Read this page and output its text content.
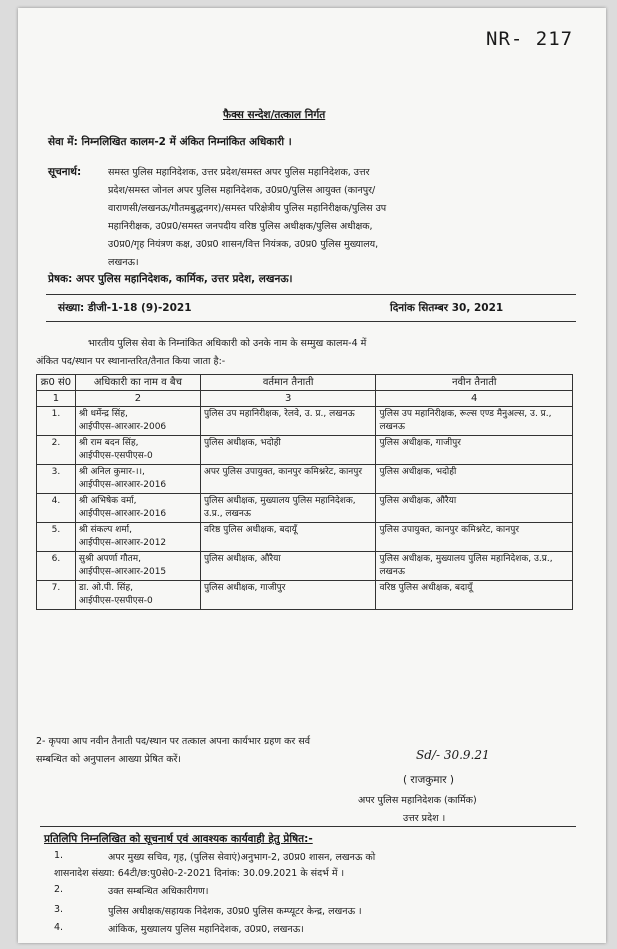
NR- 217
फैक्स सन्देश/तत्काल निर्गत
सेवा में: निम्नलिखित कालम-2 में अंकित निम्नांकित अधिकारी ।
सूचनार्थ:	समस्त पुलिस महानिदेशक, उत्तर प्रदेश/समस्त अपर पुलिस महानिदेशक, उत्तर
प्रदेश/समस्त जोनल अपर पुलिस महानिदेशक, उ0प्र0/पुलिस आयुक्त (कानपुर/
वाराणसी/लखनऊ/गौतमबुद्धनगर)/समस्त परिक्षेत्रीय पुलिस महानिरीक्षक/पुलिस उप
महानिरीक्षक, उ0प्र0/समस्त जनपदीय वरिष्ठ पुलिस अधीक्षक/पुलिस अधीक्षक,
उ0प्र0/गृह नियंत्रण कक्ष, उ0प्र0 शासन/वित्त नियंत्रक, उ0प्र0 पुलिस मुख्यालय,
लखनऊ।
प्रेषक: अपर पुलिस महानिदेशक, कार्मिक, उत्तर प्रदेश, लखनऊ।
संख्या: डीजी-1-18 (9)-2021	दिनांक सितम्बर 30, 2021
भारतीय पुलिस सेवा के निम्नांकित अधिकारी को उनके नाम के सम्मुख कालम-4 में
अंकित पद/स्थान पर स्थानान्तरित/तैनात किया जाता है:-
क्र0 सं0	अधिकारी का नाम व बैच	वर्तमान तैनाती	नवीन तैनाती
1	2	3	4
1.	श्री धर्मेन्द्र सिंह,
आईपीएस-आरआर-2006	पुलिस उप महानिरीक्षक, रेलवे, उ. प्र., लखनऊ	पुलिस उप महानिरीक्षक, रूल्स एण्ड मैनुअल्स, उ. प्र., लखनऊ
2.	श्री राम बदन सिंह,
आईपीएस-एसपीएस-0	पुलिस अधीक्षक, भदोही	पुलिस अधीक्षक, गाजीपुर
3.	श्री अनिल कुमार-।।,
आईपीएस-आरआर-2016	अपर पुलिस उपायुक्त, कानपुर कमिश्नरेट, कानपुर	पुलिस अधीक्षक, भदोही
4.	श्री अभिषेक वर्मा,
आईपीएस-आरआर-2016	पुलिस अधीक्षक, मुख्यालय पुलिस महानिदेशक, उ.प्र., लखनऊ	पुलिस अधीक्षक, औरैया
5.	श्री संकल्प शर्मा,
आईपीएस-आरआर-2012	वरिष्ठ पुलिस अधीक्षक, बदायूँ	पुलिस उपायुक्त, कानपुर कमिश्नरेट, कानपुर
6.	सुश्री अपर्णा गौतम,
आईपीएस-आरआर-2015	पुलिस अधीक्षक, औरैया	पुलिस अधीक्षक, मुख्यालय पुलिस महानिदेशक, उ.प्र., लखनऊ
7.	डा. ओ.पी. सिंह,
आईपीएस-एसपीएस-0	पुलिस अधीक्षक, गाजीपुर	वरिष्ठ पुलिस अधीक्षक, बदायूँ
2- कृपया आप नवीन तैनाती पद/स्थान पर तत्काल अपना कार्यभार ग्रहण कर सर्व
सम्बन्धित को अनुपालन आख्या प्रेषित करें।	Sd/- 30.9.21
( राजकुमार )
अपर पुलिस महानिदेशक (कार्मिक)
उत्तर प्रदेश ।
प्रतिलिपि निम्नलिखित को सूचनार्थ एवं आवश्यक कार्यवाही हेतु प्रेषित:-
1.	अपर मुख्य सचिव, गृह, (पुलिस सेवाएं)अनुभाग-2, उ0प्र0 शासन, लखनऊ को
शासनादेश संख्या: 64टी/छ:पु0से0-2-2021 दिनांक: 30.09.2021 के संदर्भ में ।
2.	उक्त सम्बन्धित अधिकारीगण।
3.	पुलिस अधीक्षक/सहायक निदेशक, उ0प्र0 पुलिस कम्प्यूटर केन्द्र, लखनऊ ।
4.	आंकिक, मुख्यालय पुलिस महानिदेशक, उ0प्र0, लखनऊ।
